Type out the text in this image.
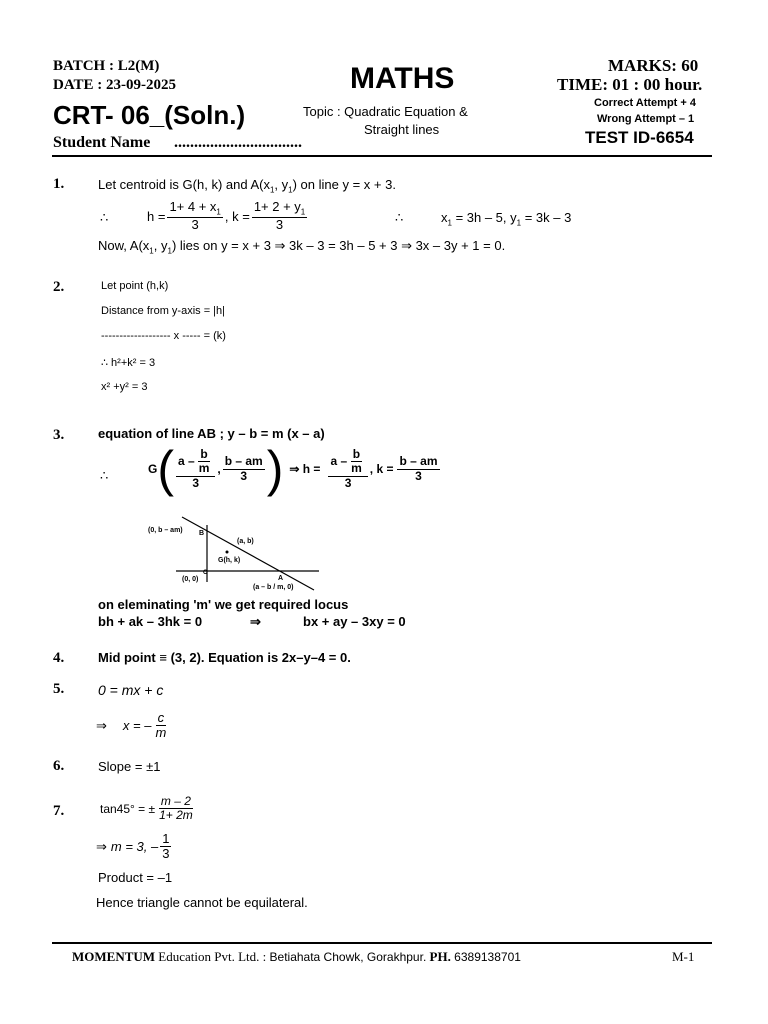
BATCH : L2(M)
DATE : 23-09-2025	MATHS	MARKS: 60
TIME: 01 : 00 hour.
CRT- 06_(Soln.)	Topic : Quadratic Equation &
Straight lines
Correct Attempt + 4
Wrong Attempt – 1
TEST ID-6654
Student Name ................................
1.	Let centroid is G(h, k) and $A(x_1$, $y_1$) on line y = x + 3.
∴	$h = \frac{1+ 4 + x_1}{3}$ , $k = \frac{1+ 2 + y_1}{3}$	∴	$x_1 = 3h - 5$, $y_1 = 3k - 3$
Now, $A(x_1$, $y_1$) lies on y = x + 3 ⇒ 3k – 3 = 3h – 5 + 3 ⇒ 3x – 3y + 1 = 0.
2.	Let point (h,k)
Distance from y-axis = |h|
------------------- x ----- = (k)
∴ h²+k² = 3
x² +y² = 3
3.	equation of line AB ; y – b = m (x – a)
∴	G ( $\frac{a - \frac{b}{m}}{3}$ , $\frac{b - am}{3}$ ) ⇒ $h = \frac{a - \frac{b}{m}}{3}$ , $k = \frac{b - am}{3}$
(0, b – am) B
(a, b)
G(h, k)
(0, 0)
O
A
(a – b / m, 0)
on eleminating 'm' we get required locus
bh + ak – 3hk = 0	⇒	bx + ay – 3xy = 0
4.	Mid point ≡ (3, 2). Equation is 2x–y–4 = 0.
5. 0 = mx + c
⇒ x = – $\frac{c}{m}$
6.	Slope = ±1
7.	tan45° = ± $\frac{m - 2}{1+ 2m}$
⇒ m = 3, – $\frac{1}{3}$
Product = –1
Hence triangle cannot be equilateral.
MOMENTUM Education Pvt. Ltd. : Betiahata Chowk, Gorakhpur. PH. 6389138701	M-1
